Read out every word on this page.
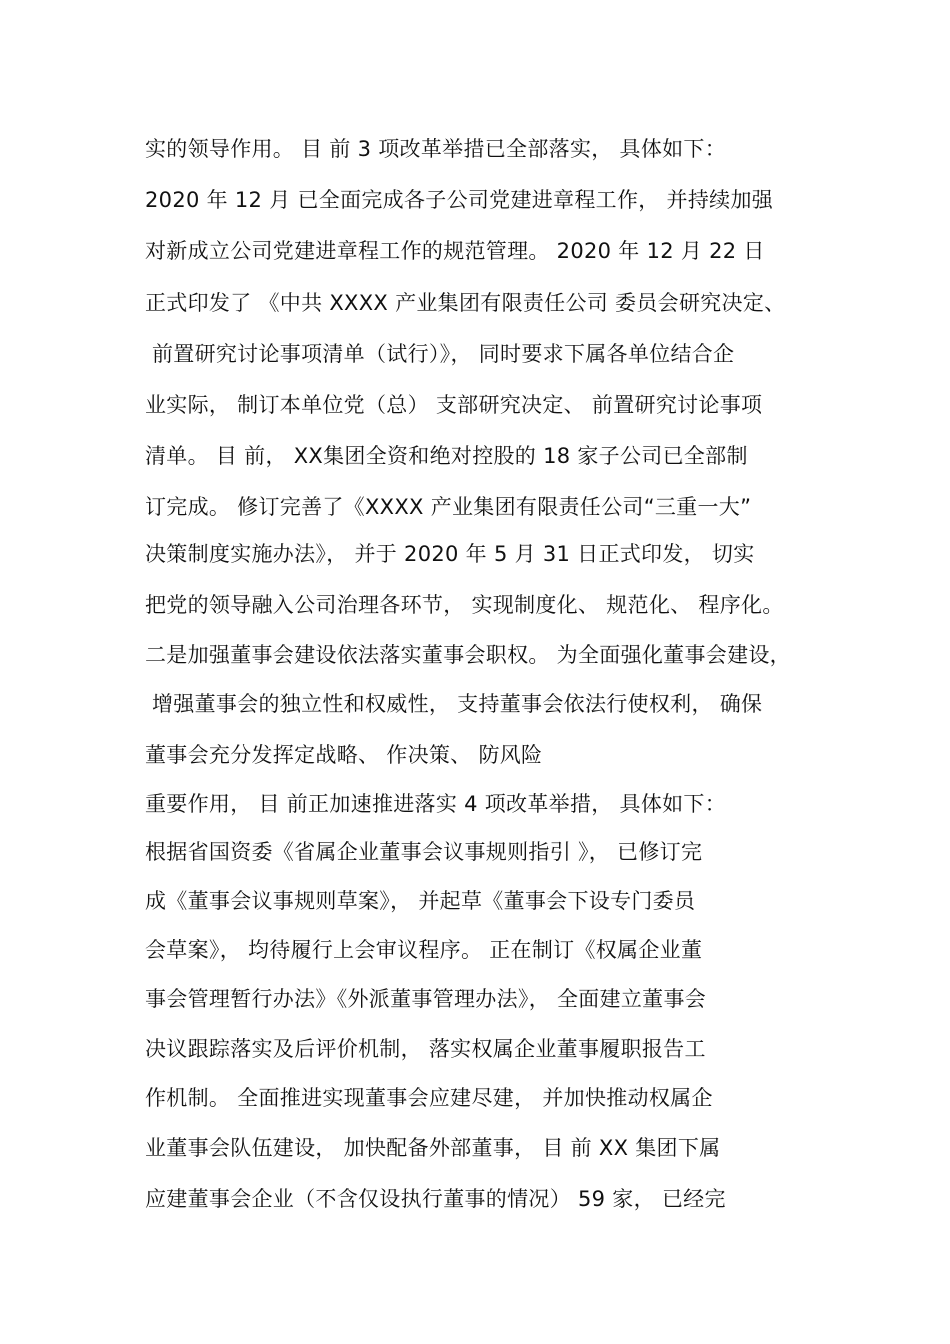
实的领导作用。 目 前 3 项改革举措已全部落实， 具体如下：
2020 年 12 月 已全面完成各子公司党建进章程工作， 并持续加强
对新成立公司党建进章程工作的规范管理。 2020 年 12 月 22 日
正式印发了 《中共 XXXX 产业集团有限责任公司 委员会研究决定、
前置研究讨论事项清单（试行）》， 同时要求下属各单位结合企
业实际， 制订本单位党（总） 支部研究决定、 前置研究讨论事项
清单。 目 前， XX集团全资和绝对控股的 18 家子公司已全部制
订完成。 修订完善了《XXXX 产业集团有限责任公司“三重一大”
决策制度实施办法》， 并于 2020 年 5 月 31 日正式印发， 切实
把党的领导融入公司治理各环节， 实现制度化、 规范化、 程序化。
二是加强董事会建设依法落实董事会职权。 为全面强化董事会建设，
增强董事会的独立性和权威性， 支持董事会依法行使权利， 确保
董事会充分发挥定战略、 作决策、 防风险
重要作用， 目 前正加速推进落实 4 项改革举措， 具体如下：
根据省国资委《省属企业董事会议事规则指引 》， 已修订完
成《董事会议事规则草案》， 并起草《董事会下设专门委员
会草案》， 均待履行上会审议程序。 正在制订《权属企业董
事会管理暂行办法》《外派董事管理办法》， 全面建立董事会
决议跟踪落实及后评价机制， 落实权属企业董事履职报告工
作机制。 全面推进实现董事会应建尽建， 并加快推动权属企
业董事会队伍建设， 加快配备外部董事， 目 前 XX 集团下属
应建董事会企业（不含仅设执行董事的情况） 59 家， 已经完
